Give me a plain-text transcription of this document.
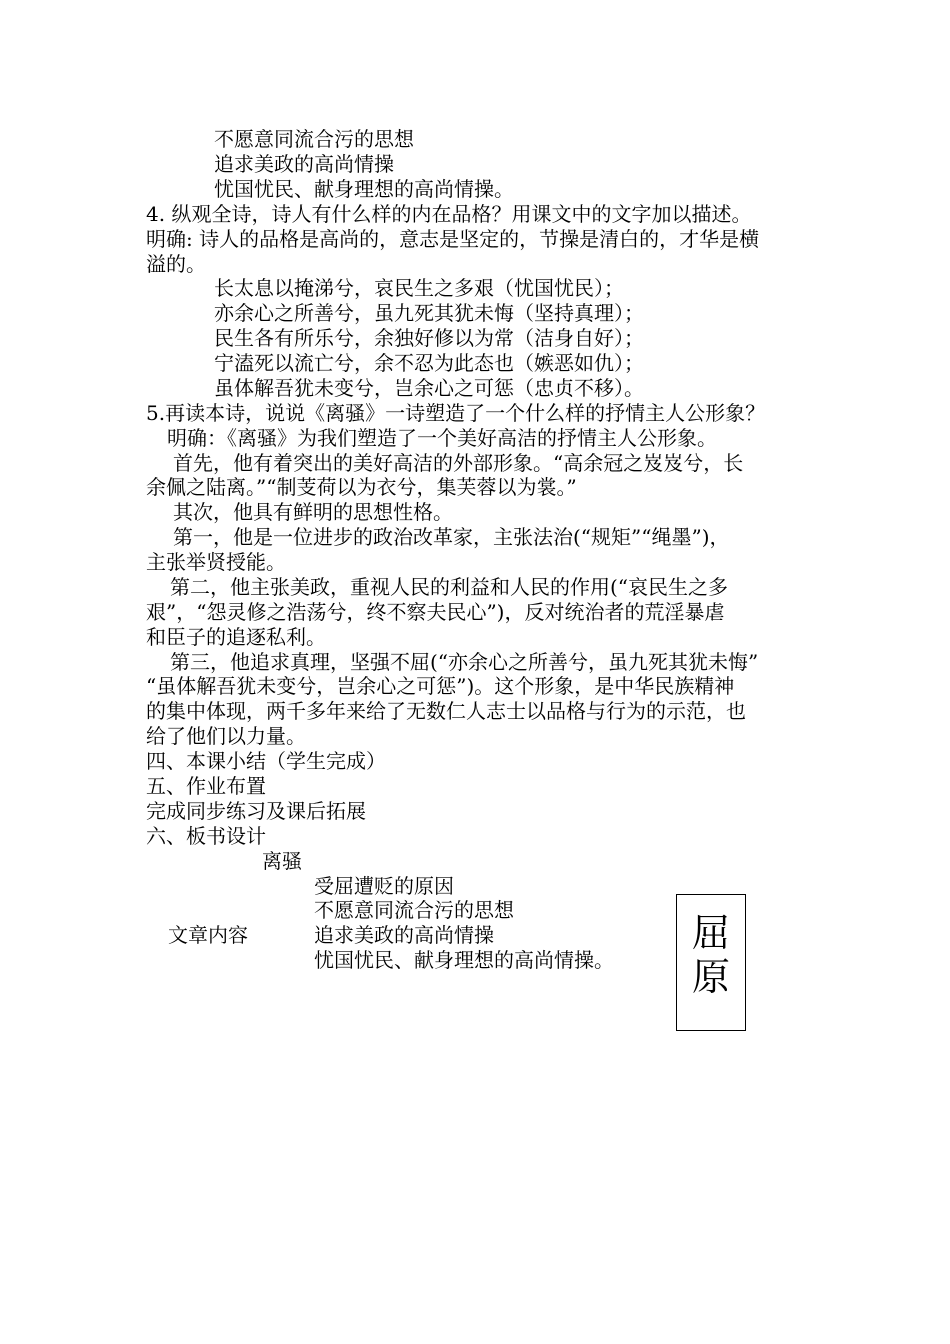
不愿意同流合污的思想

追求美政的高尚情操

忧国忧民、献身理想的高尚情操。

4. 纵观全诗，诗人有什么样的内在品格？用课文中的文字加以描述。

明确: 诗人的品格是高尚的，意志是坚定的，节操是清白的，才华是横

溢的。

长太息以掩涕兮，哀民生之多艰（忧国忧民）；

亦余心之所善兮，虽九死其犹未悔（坚持真理）；

民生各有所乐兮，余独好修以为常（洁身自好）；

宁溘死以流亡兮，余不忍为此态也（嫉恶如仇）；

虽体解吾犹未变兮，岂余心之可惩（忠贞不移）。

5.再读本诗，说说《离骚》一诗塑造了一个什么样的抒情主人公形象？

明确：《离骚》为我们塑造了一个美好高洁的抒情主人公形象。

首先，他有着突出的美好高洁的外部形象。“高余冠之岌岌兮，长

余佩之陆离。”“制芰荷以为衣兮，集芙蓉以为裳。”

其次，他具有鲜明的思想性格。

第一，他是一位进步的政治改革家，主张法治(“规矩”“绳墨”)，

主张举贤授能。

第二，他主张美政，重视人民的利益和人民的作用(“哀民生之多

艰”，“怨灵修之浩荡兮，终不察夫民心”)，反对统治者的荒淫暴虐

和臣子的追逐私利。

第三，他追求真理，坚强不屈(“亦余心之所善兮，虽九死其犹未悔”

“虽体解吾犹未变兮，岂余心之可惩”)。这个形象，是中华民族精神

的集中体现，两千多年来给了无数仁人志士以品格与行为的示范，也

给了他们以力量。

四、本课小结（学生完成）

五、作业布置

完成同步练习及课后拓展

六、板书设计

离骚

受屈遭贬的原因

不愿意同流合污的思想

文章内容	追求美政的高尚情操

忧国忧民、献身理想的高尚情操。

屈
原
